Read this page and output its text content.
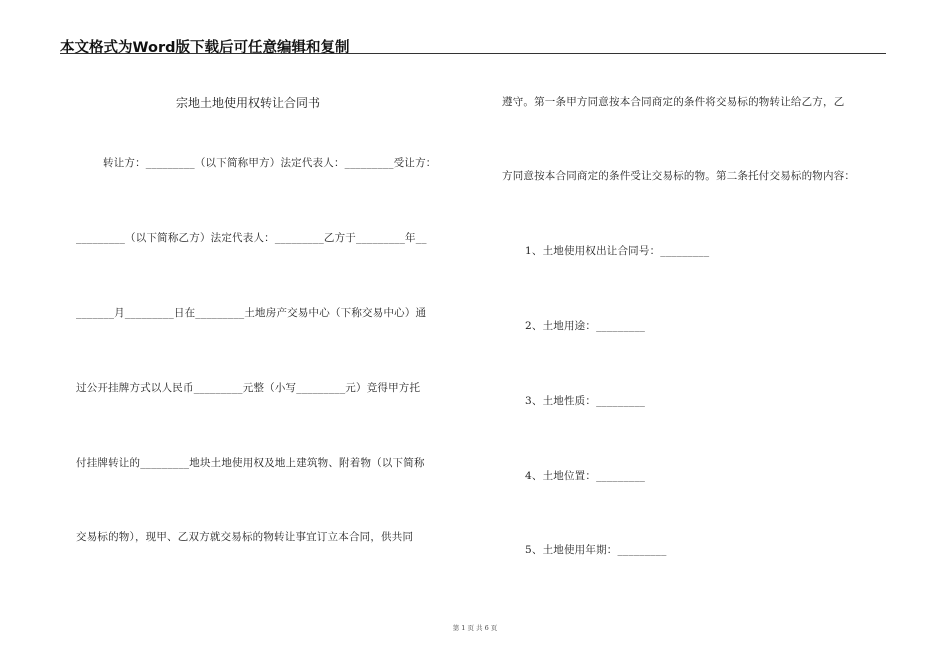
本文格式为Word版下载后可任意编辑和复制
宗地土地使用权转让合同书
转让方：_________（以下简称甲方）法定代表人：_________受让方：
_________（以下简称乙方）法定代表人：_________乙方于_________年__
_______月_________日在_________土地房产交易中心（下称交易中心）通
过公开挂牌方式以人民币_________元整（小写_________元）竞得甲方托
付挂牌转让的_________地块土地使用权及地上建筑物、附着物（以下简称
交易标的物），现甲、乙双方就交易标的物转让事宜订立本合同，供共同
遵守。第一条甲方同意按本合同商定的条件将交易标的物转让给乙方，乙
方同意按本合同商定的条件受让交易标的物。第二条托付交易标的物内容：
1、土地使用权出让合同号：_________
2、土地用途：_________
3、土地性质：_________
4、土地位置：_________
5、土地使用年期：_________
第 1 页 共 6 页
